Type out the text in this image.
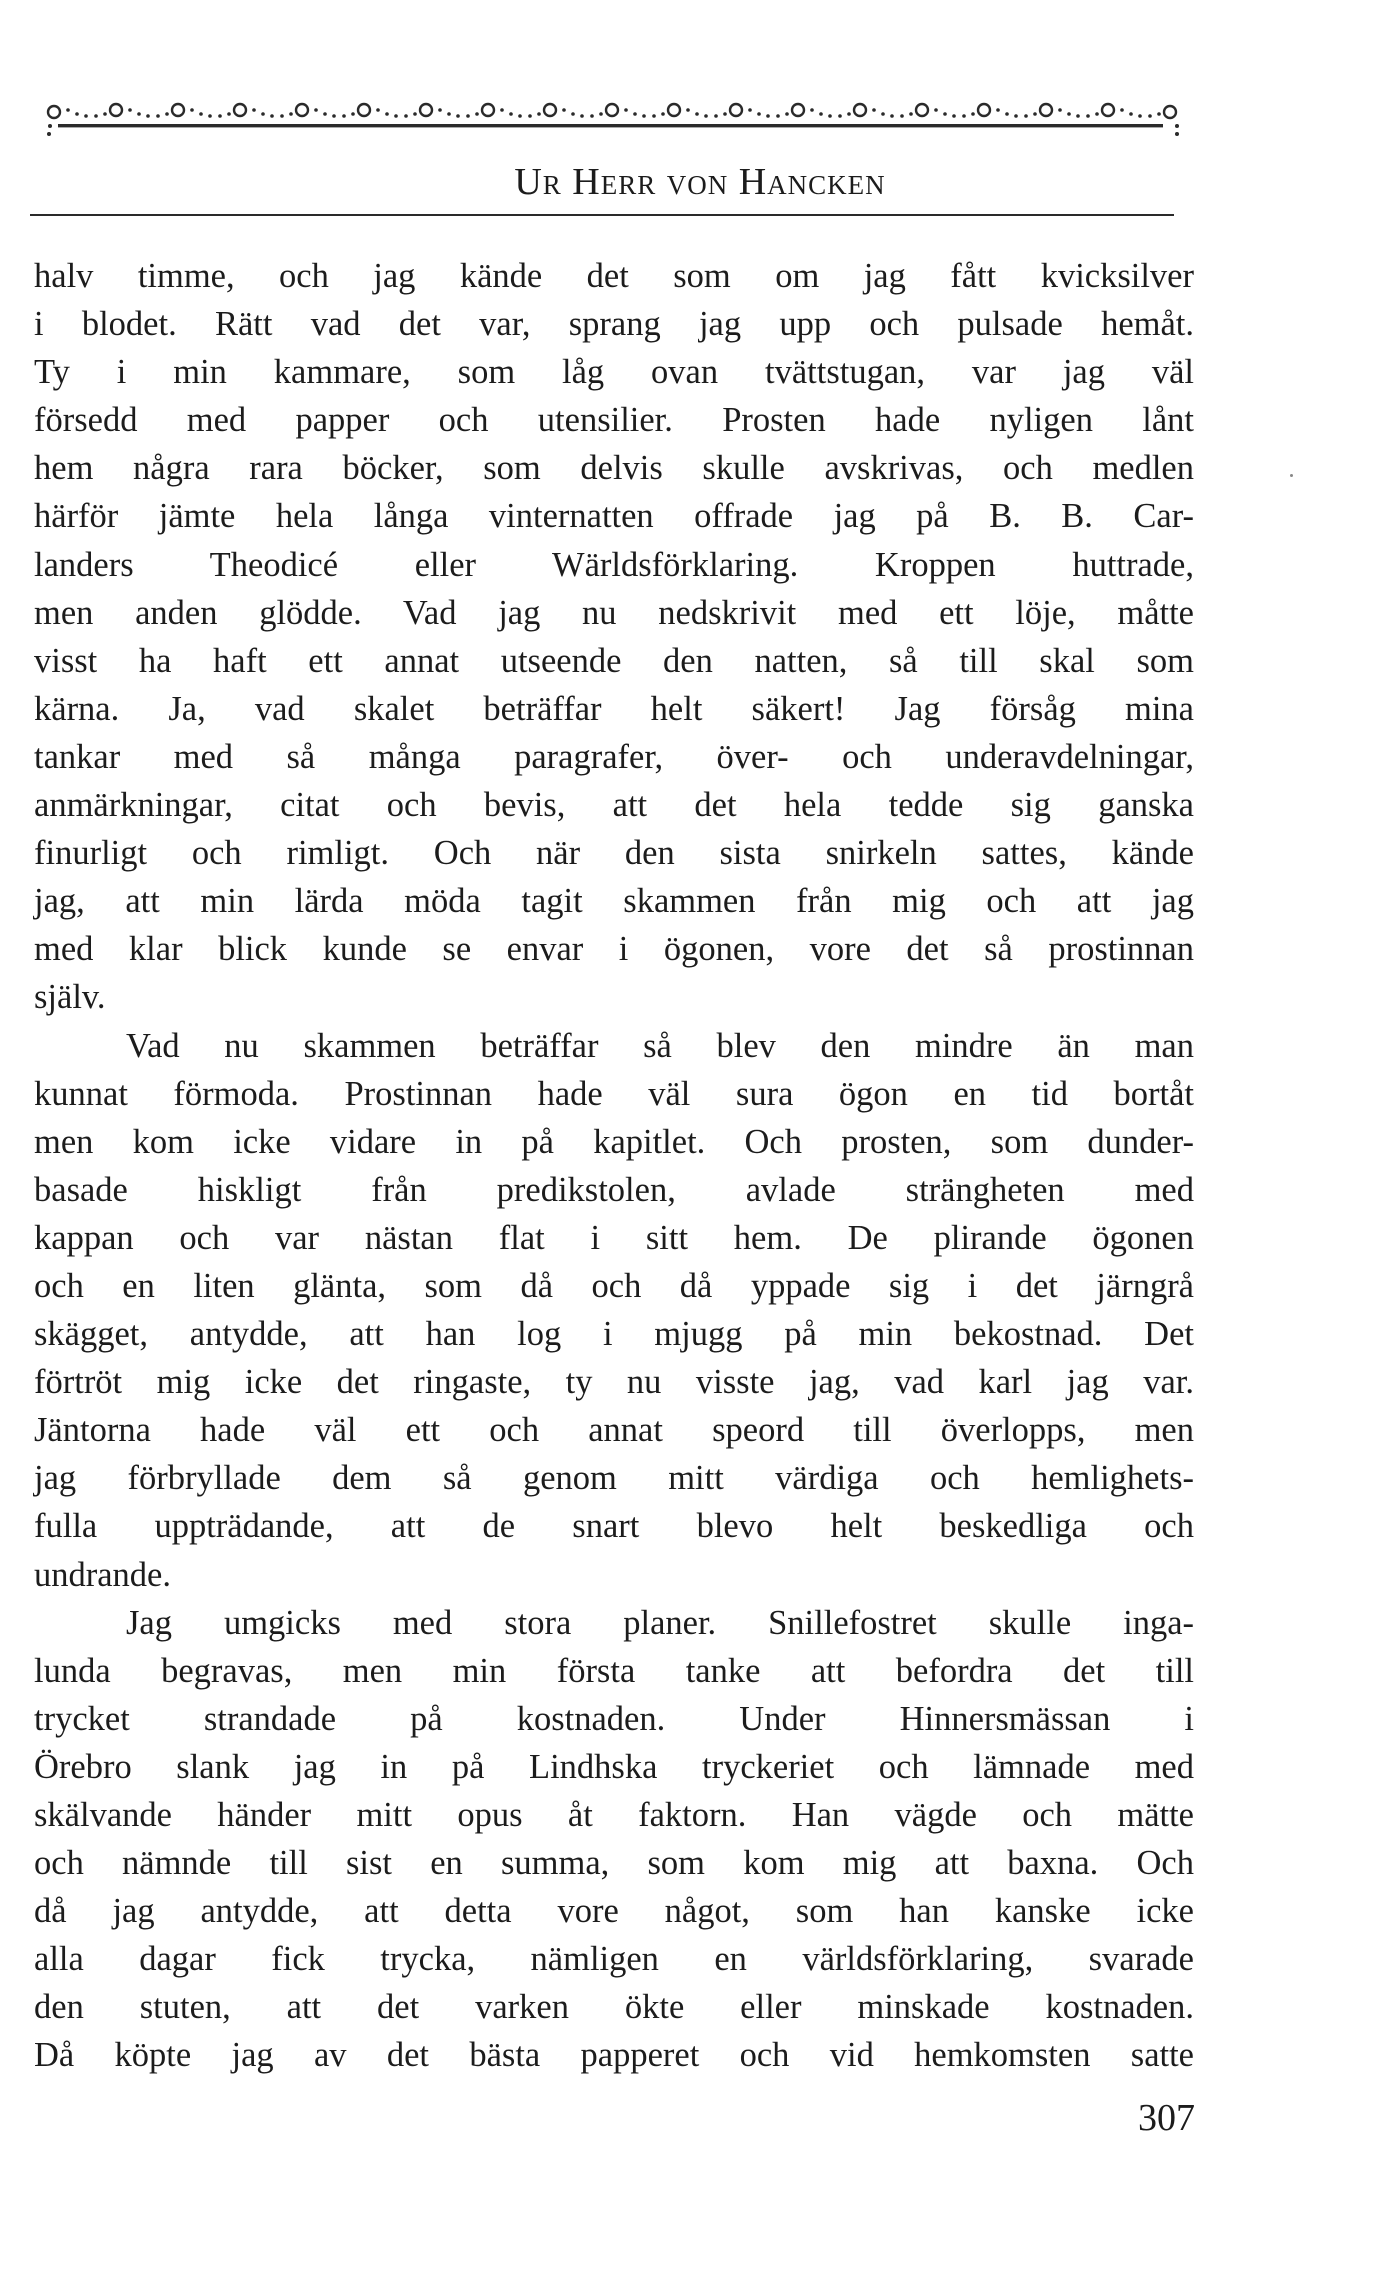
Ur Herr von Hancken
halv timme, och jag kände det som om jag fått kvicksilver
i blodet. Rätt vad det var, sprang jag upp och pulsade hemåt.
Ty i min kammare, som låg ovan tvättstugan, var jag väl
försedd med papper och utensilier. Prosten hade nyligen lånt
hem några rara böcker, som delvis skulle avskrivas, och medlen
härför jämte hela långa vinternatten offrade jag på B. B. Car-
landers Theodicé eller Wärldsförklaring. Kroppen huttrade,
men anden glödde. Vad jag nu nedskrivit med ett löje, måtte
visst ha haft ett annat utseende den natten, så till skal som
kärna. Ja, vad skalet beträffar helt säkert! Jag försåg mina
tankar med så många paragrafer, över- och underavdelningar,
anmärkningar, citat och bevis, att det hela tedde sig ganska
finurligt och rimligt. Och när den sista snirkeln sattes, kände
jag, att min lärda möda tagit skammen från mig och att jag
med klar blick kunde se envar i ögonen, vore det så prostinnan
själv.
Vad nu skammen beträffar så blev den mindre än man
kunnat förmoda. Prostinnan hade väl sura ögon en tid bortåt
men kom icke vidare in på kapitlet. Och prosten, som dunder-
basade hiskligt från predikstolen, avlade strängheten med
kappan och var nästan flat i sitt hem. De plirande ögonen
och en liten glänta, som då och då yppade sig i det järngrå
skägget, antydde, att han log i mjugg på min bekostnad. Det
förtröt mig icke det ringaste, ty nu visste jag, vad karl jag var.
Jäntorna hade väl ett och annat speord till överlopps, men
jag förbryllade dem så genom mitt värdiga och hemlighets-
fulla uppträdande, att de snart blevo helt beskedliga och
undrande.
Jag umgicks med stora planer. Snillefostret skulle inga-
lunda begravas, men min första tanke att befordra det till
trycket strandade på kostnaden. Under Hinnersmässan i
Örebro slank jag in på Lindhska tryckeriet och lämnade med
skälvande händer mitt opus åt faktorn. Han vägde och mätte
och nämnde till sist en summa, som kom mig att baxna. Och
då jag antydde, att detta vore något, som han kanske icke
alla dagar fick trycka, nämligen en världsförklaring, svarade
den stuten, att det varken ökte eller minskade kostnaden.
Då köpte jag av det bästa papperet och vid hemkomsten satte
307
